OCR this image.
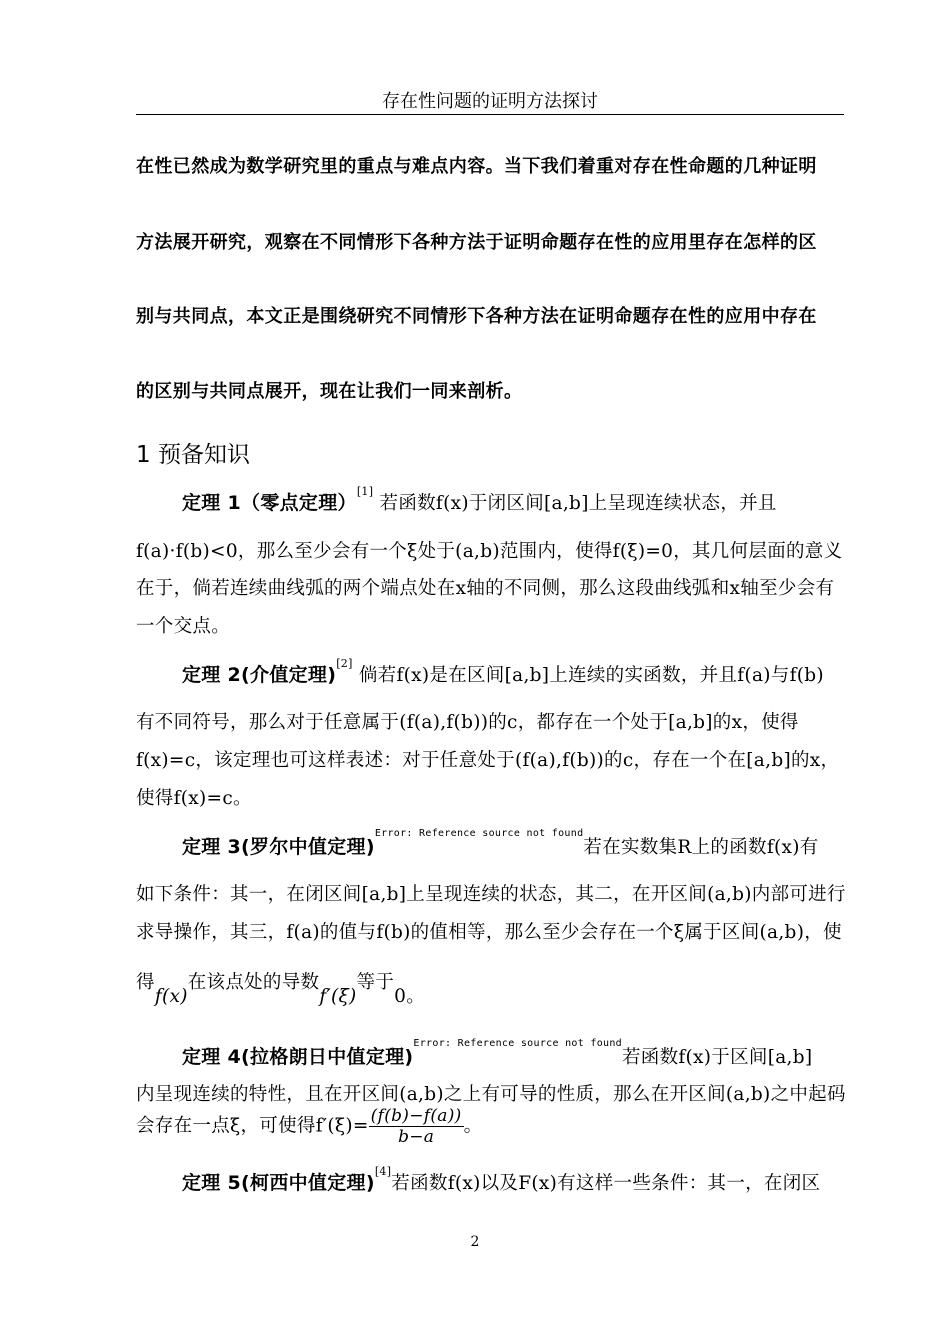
存在性问题的证明方法探讨
在性已然成为数学研究里的重点与难点内容。当下我们着重对存在性命题的几种证明
方法展开研究，观察在不同情形下各种方法于证明命题存在性的应用里存在怎样的区
别与共同点，本文正是围绕研究不同情形下各种方法在证明命题存在性的应用中存在
的区别与共同点展开，现在让我们一同来剖析。
1 预备知识
定理 1（零点定理）[1] 若函数f(x)于闭区间[a,b]上呈现连续状态，并且
f(a)·f(b)<0，那么至少会有一个ξ处于(a,b)范围内，使得f(ξ)=0，其几何层面的意义
在于，倘若连续曲线弧的两个端点处在x轴的不同侧，那么这段曲线弧和x轴至少会有
一个交点。
定理 2(介值定理)[2] 倘若f(x)是在区间[a,b]上连续的实函数，并且f(a)与f(b)
有不同符号，那么对于任意属于(f(a),f(b))的c，都存在一个处于[a,b]的x，使得
f(x)=c，该定理也可这样表述：对于任意处于(f(a),f(b))的c，存在一个在[a,b]的x，
使得f(x)=c。
定理 3(罗尔中值定理)$^{Error: Reference source not found}$若在实数集R上的函数f(x)有
如下条件：其一，在闭区间[a,b]上呈现连续的状态，其二，在开区间(a,b)内部可进行
求导操作，其三，f(a)的值与f(b)的值相等，那么至少会存在一个ξ属于区间(a,b)，使
得f(x)在该点处的导数f′(ξ)等于0。
定理 4(拉格朗日中值定理)$^{Error: Reference source not found}$若函数f(x)于区间[a,b]
内呈现连续的特性，且在开区间(a,b)之上有可导的性质，那么在开区间(a,b)之中起码
会存在一点ξ，可使得$f'(\xi)= \frac{(f(b)-f(a))}{b-a}$ 。
定理 5(柯西中值定理)[4]若函数f(x)以及F(x)有这样一些条件：其一，在闭区
2
